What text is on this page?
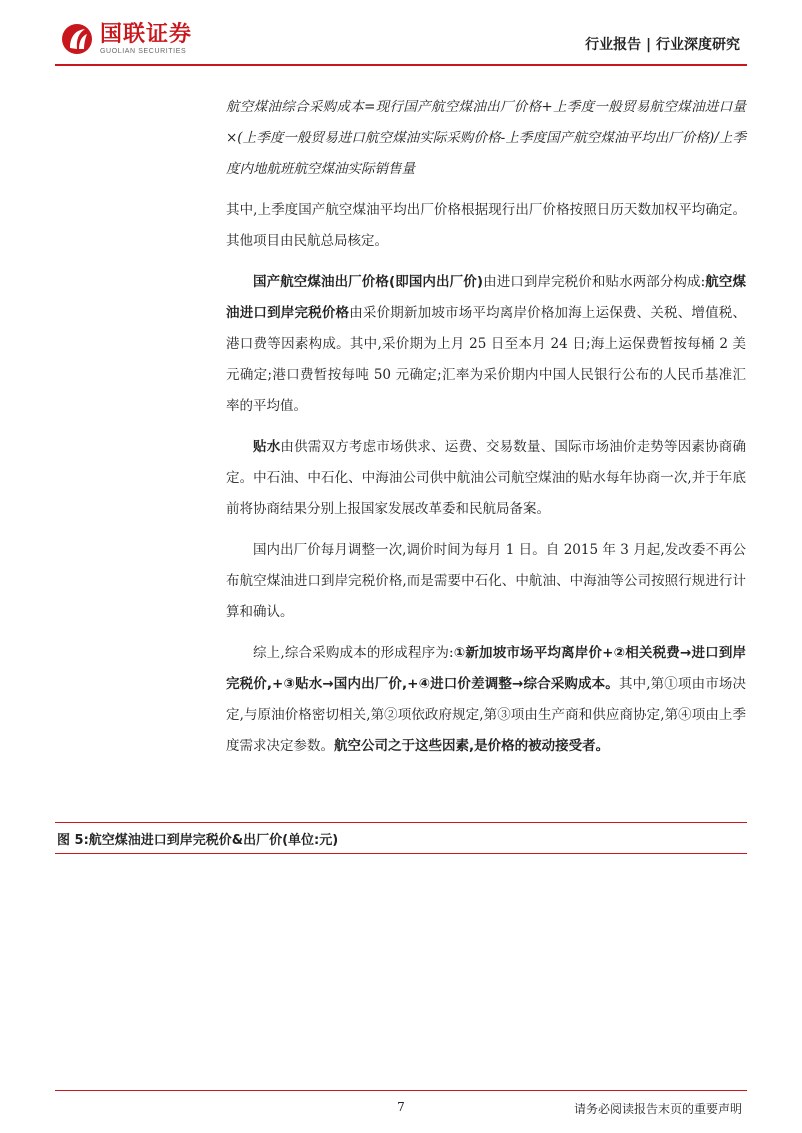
国联证券
GUOLIAN SECURITIES	行业报告 | 行业深度研究

航空煤油综合采购成本=现行国产航空煤油出厂价格+上季度一般贸易航空煤油进口量×(上季度一般贸易进口航空煤油实际采购价格-上季度国产航空煤油平均出厂价格)/上季度内地航班航空煤油实际销售量

其中,上季度国产航空煤油平均出厂价格根据现行出厂价格按照日历天数加权平均确定。其他项目由民航总局核定。

国产航空煤油出厂价格(即国内出厂价)由进口到岸完税价和贴水两部分构成:航空煤油进口到岸完税价格由采价期新加坡市场平均离岸价格加海上运保费、关税、增值税、港口费等因素构成。其中,采价期为上月 25 日至本月 24 日;海上运保费暂按每桶 2 美元确定;港口费暂按每吨 50 元确定;汇率为采价期内中国人民银行公布的人民币基准汇率的平均值。

贴水由供需双方考虑市场供求、运费、交易数量、国际市场油价走势等因素协商确定。中石油、中石化、中海油公司供中航油公司航空煤油的贴水每年协商一次,并于年底前将协商结果分别上报国家发展改革委和民航局备案。

国内出厂价每月调整一次,调价时间为每月 1 日。自 2015 年 3 月起,发改委不再公布航空煤油进口到岸完税价格,而是需要中石化、中航油、中海油等公司按照行规进行计算和确认。

综上,综合采购成本的形成程序为:①新加坡市场平均离岸价+②相关税费→进口到岸完税价,+③贴水→国内出厂价,+④进口价差调整→综合采购成本。其中,第①项由市场决定,与原油价格密切相关,第②项依政府规定,第③项由生产商和供应商协定,第④项由上季度需求决定参数。航空公司之于这些因素,是价格的被动接受者。

图 5:航空煤油进口到岸完税价&出厂价(单位:元)
7	请务必阅读报告末页的重要声明
